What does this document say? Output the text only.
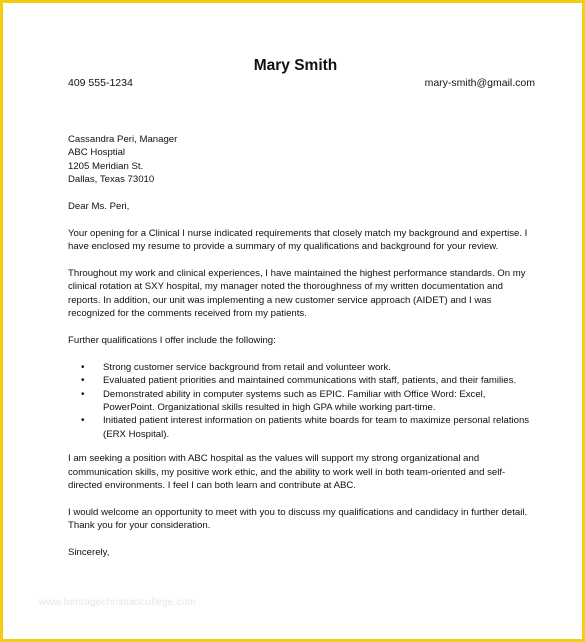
Mary Smith
409 555-1234	mary-smith@gmail.com

Cassandra Peri, Manager
ABC Hosptial
1205 Meridian St.
Dallas, Texas 73010

Dear Ms. Peri,

Your opening for a Clinical I nurse indicated requirements that closely match my background and expertise. I have enclosed my resume to provide a summary of my qualifications and background for your review.

Throughout my work and clinical experiences, I have maintained the highest performance standards. On my clinical rotation at SXY hospital, my manager noted the thoroughness of my written documentation and reports. In addition, our unit was implementing a new customer service approach (AIDET) and I was recognized for the comments received from my patients.

Further qualifications I offer include the following:

• Strong customer service background from retail and volunteer work.
• Evaluated patient priorities and maintained communications with staff, patients, and their families.
• Demonstrated ability in computer systems such as EPIC. Familiar with Office Word: Excel, PowerPoint. Organizational skills resulted in high GPA while working part-time.
• Initiated patient interest information on patients white boards for team to maximize personal relations (ERX Hospital).

I am seeking a position with ABC hospital as the values will support my strong organizational and communication skills, my positive work ethic, and the ability to work well in both team-oriented and self-directed environments. I feel I can both learn and contribute at ABC.

I would welcome an opportunity to meet with you to discuss my qualifications and candidacy in further detail. Thank you for your consideration.

Sincerely,

www.heritagechristiancollege.com
